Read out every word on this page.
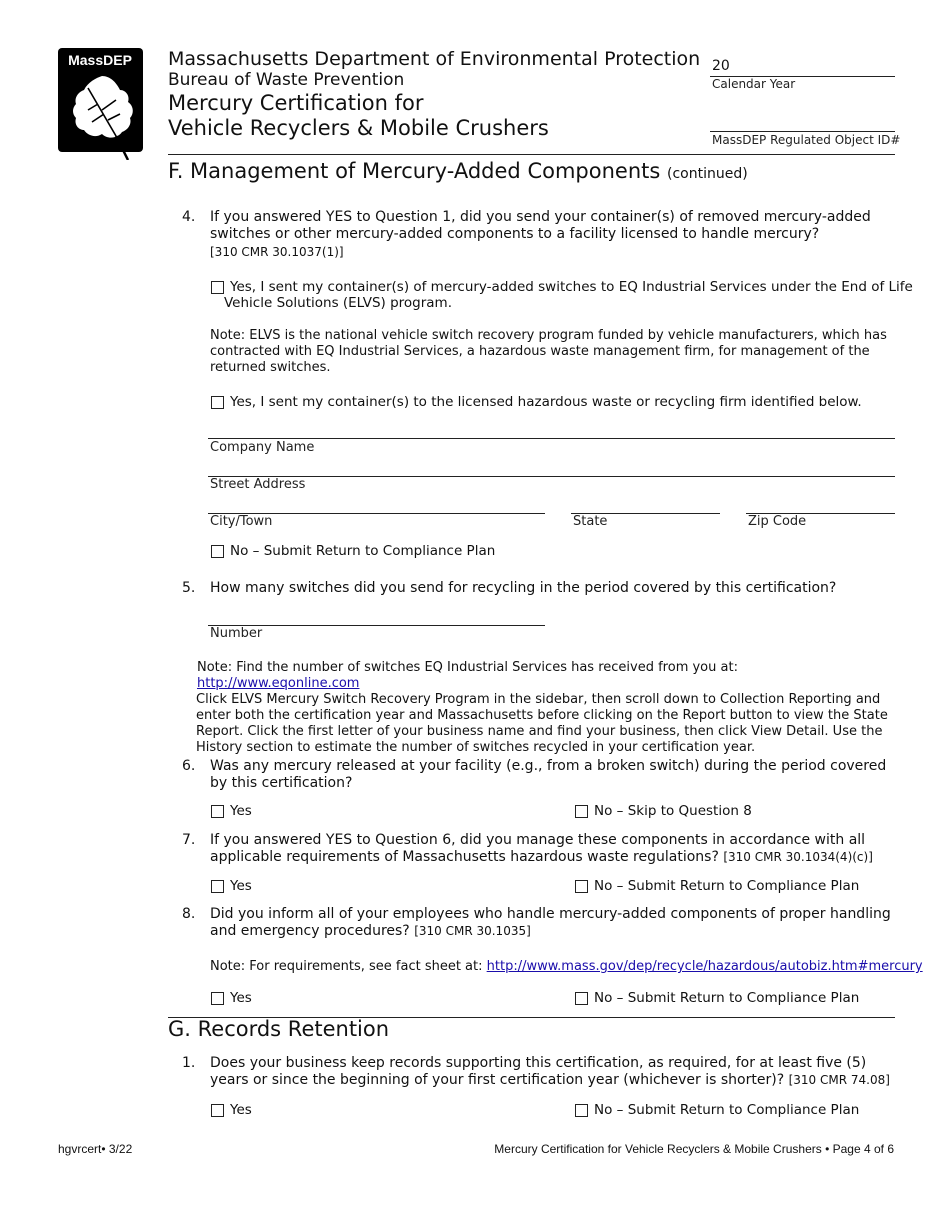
MassDEP Massachusetts Department of Environmental Protection
Bureau of Waste Prevention
Mercury Certification for
Vehicle Recyclers & Mobile Crushers
20
Calendar Year
MassDEP Regulated Object ID#
F. Management of Mercury-Added Components (continued)
4. If you answered YES to Question 1, did you send your container(s) of removed mercury-added switches or other mercury-added components to a facility licensed to handle mercury?
[310 CMR 30.1037(1)]
Yes, I sent my container(s) of mercury-added switches to EQ Industrial Services under the End of Life
Vehicle Solutions (ELVS) program.
Note: ELVS is the national vehicle switch recovery program funded by vehicle manufacturers, which has contracted with EQ Industrial Services, a hazardous waste management firm, for management of the returned switches.
Yes, I sent my container(s) to the licensed hazardous waste or recycling firm identified below.
Company Name
Street Address
City/Town	State	Zip Code
No – Submit Return to Compliance Plan
5. How many switches did you send for recycling in the period covered by this certification?
Number
Note: Find the number of switches EQ Industrial Services has received from you at: http://www.eqonline.com
Click ELVS Mercury Switch Recovery Program in the sidebar, then scroll down to Collection Reporting and
enter both the certification year and Massachusetts before clicking on the Report button to view the State
Report. Click the first letter of your business name and find your business, then click View Detail. Use the
History section to estimate the number of switches recycled in your certification year.
6. Was any mercury released at your facility (e.g., from a broken switch) during the period covered by this certification?
Yes	No – Skip to Question 8
7. If you answered YES to Question 6, did you manage these components in accordance with all applicable requirements of Massachusetts hazardous waste regulations? [310 CMR 30.1034(4)(c)]
Yes	No – Submit Return to Compliance Plan
8. Did you inform all of your employees who handle mercury-added components of proper handling and emergency procedures? [310 CMR 30.1035]
Note: For requirements, see fact sheet at: http://www.mass.gov/dep/recycle/hazardous/autobiz.htm#mercury
Yes	No – Submit Return to Compliance Plan
G. Records Retention
1. Does your business keep records supporting this certification, as required, for at least five (5) years or since the beginning of your first certification year (whichever is shorter)? [310 CMR 74.08]
Yes	No – Submit Return to Compliance Plan
hgvrcert• 3/22	Mercury Certification for Vehicle Recyclers & Mobile Crushers • Page 4 of 6
